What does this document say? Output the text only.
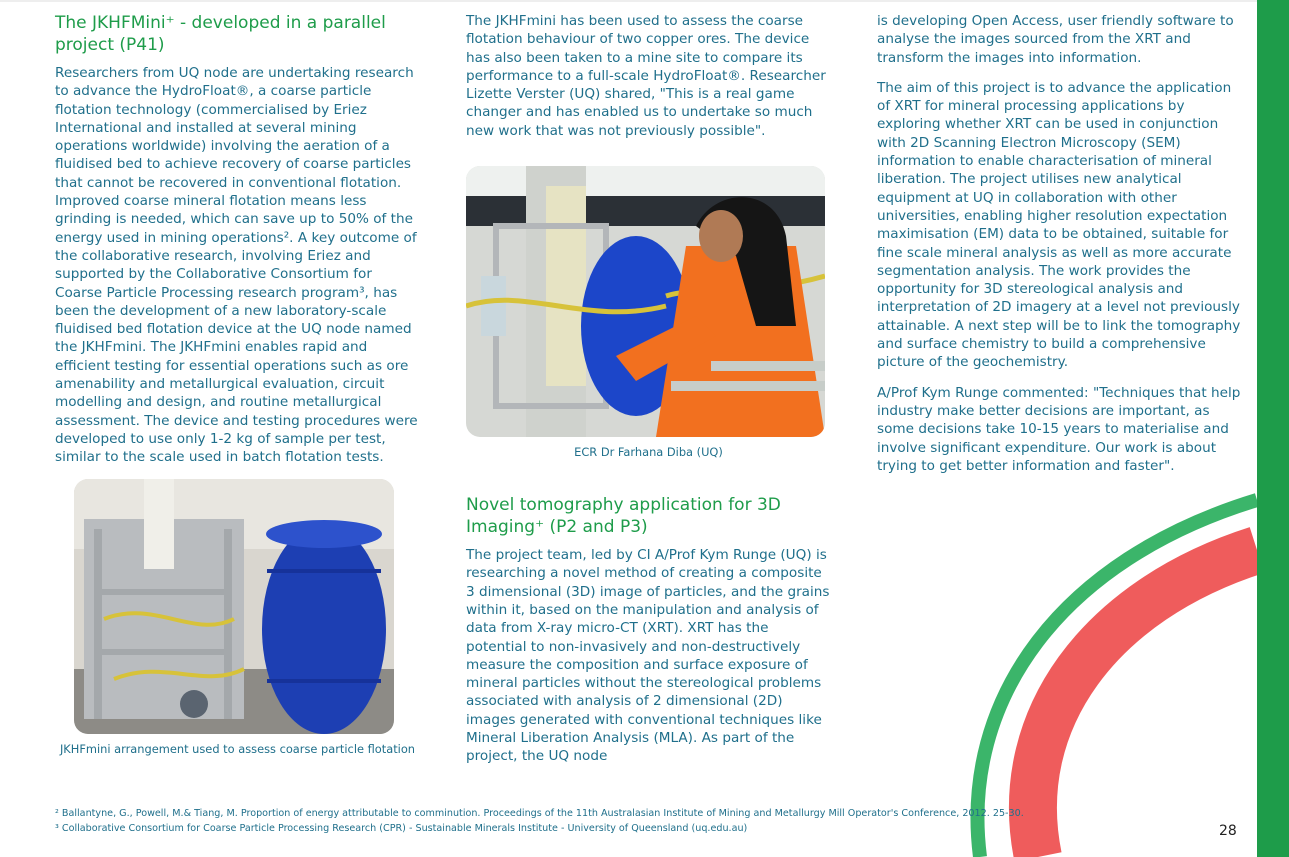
The JKHFMini⁺ - developed in a parallel project (P41)

Researchers from UQ node are undertaking research to advance the HydroFloat®, a coarse particle flotation technology (commercialised by Eriez International and installed at several mining operations worldwide) involving the aeration of a fluidised bed to achieve recovery of coarse particles that cannot be recovered in conventional flotation. Improved coarse mineral flotation means less grinding is needed, which can save up to 50% of the energy used in mining operations². A key outcome of the collaborative research, involving Eriez and supported by the Collaborative Consortium for Coarse Particle Processing research program³, has been the development of a new laboratory-scale fluidised bed flotation device at the UQ node named the JKHFmini. The JKHFmini enables rapid and efficient testing for essential operations such as ore amenability and metallurgical evaluation, circuit modelling and design, and routine metallurgical assessment. The device and testing procedures were developed to use only 1-2 kg of sample per test, similar to the scale used in batch flotation tests.

JKHFmini arrangement used to assess coarse particle flotation

The JKHFmini has been used to assess the coarse flotation behaviour of two copper ores. The device has also been taken to a mine site to compare its performance to a full-scale HydroFloat®. Researcher Lizette Verster (UQ) shared, "This is a real game changer and has enabled us to undertake so much new work that was not previously possible".

ECR Dr Farhana Diba (UQ)
Novel tomography application for 3D Imaging⁺ (P2 and P3)

The project team, led by CI A/Prof Kym Runge (UQ) is researching a novel method of creating a composite 3 dimensional (3D) image of particles, and the grains within it, based on the manipulation and analysis of data from X-ray micro-CT (XRT). XRT has the potential to non-invasively and non-destructively measure the composition and surface exposure of mineral particles without the stereological problems associated with analysis of 2 dimensional (2D) images generated with conventional techniques like Mineral Liberation Analysis (MLA). As part of the project, the UQ node

is developing Open Access, user friendly software to analyse the images sourced from the XRT and transform the images into information.

The aim of this project is to advance the application of XRT for mineral processing applications by exploring whether XRT can be used in conjunction with 2D Scanning Electron Microscopy (SEM) information to enable characterisation of mineral liberation. The project utilises new analytical equipment at UQ in collaboration with other universities, enabling higher resolution expectation maximisation (EM) data to be obtained, suitable for fine scale mineral analysis as well as more accurate segmentation analysis. The work provides the opportunity for 3D stereological analysis and interpretation of 2D imagery at a level not previously attainable. A next step will be to link the tomography and surface chemistry to build a comprehensive picture of the geochemistry.

A/Prof Kym Runge commented: "Techniques that help industry make better decisions are important, as some decisions take 10-15 years to materialise and involve significant expenditure. Our work is about trying to get better information and faster".

² Ballantyne, G., Powell, M.& Tiang, M. Proportion of energy attributable to comminution. Proceedings of the 11th Australasian Institute of Mining and Metallurgy Mill Operator's Conference, 2012. 25-30.
³ Collaborative Consortium for Coarse Particle Processing Research (CPR) - Sustainable Minerals Institute - University of Queensland (uq.edu.au)	28
